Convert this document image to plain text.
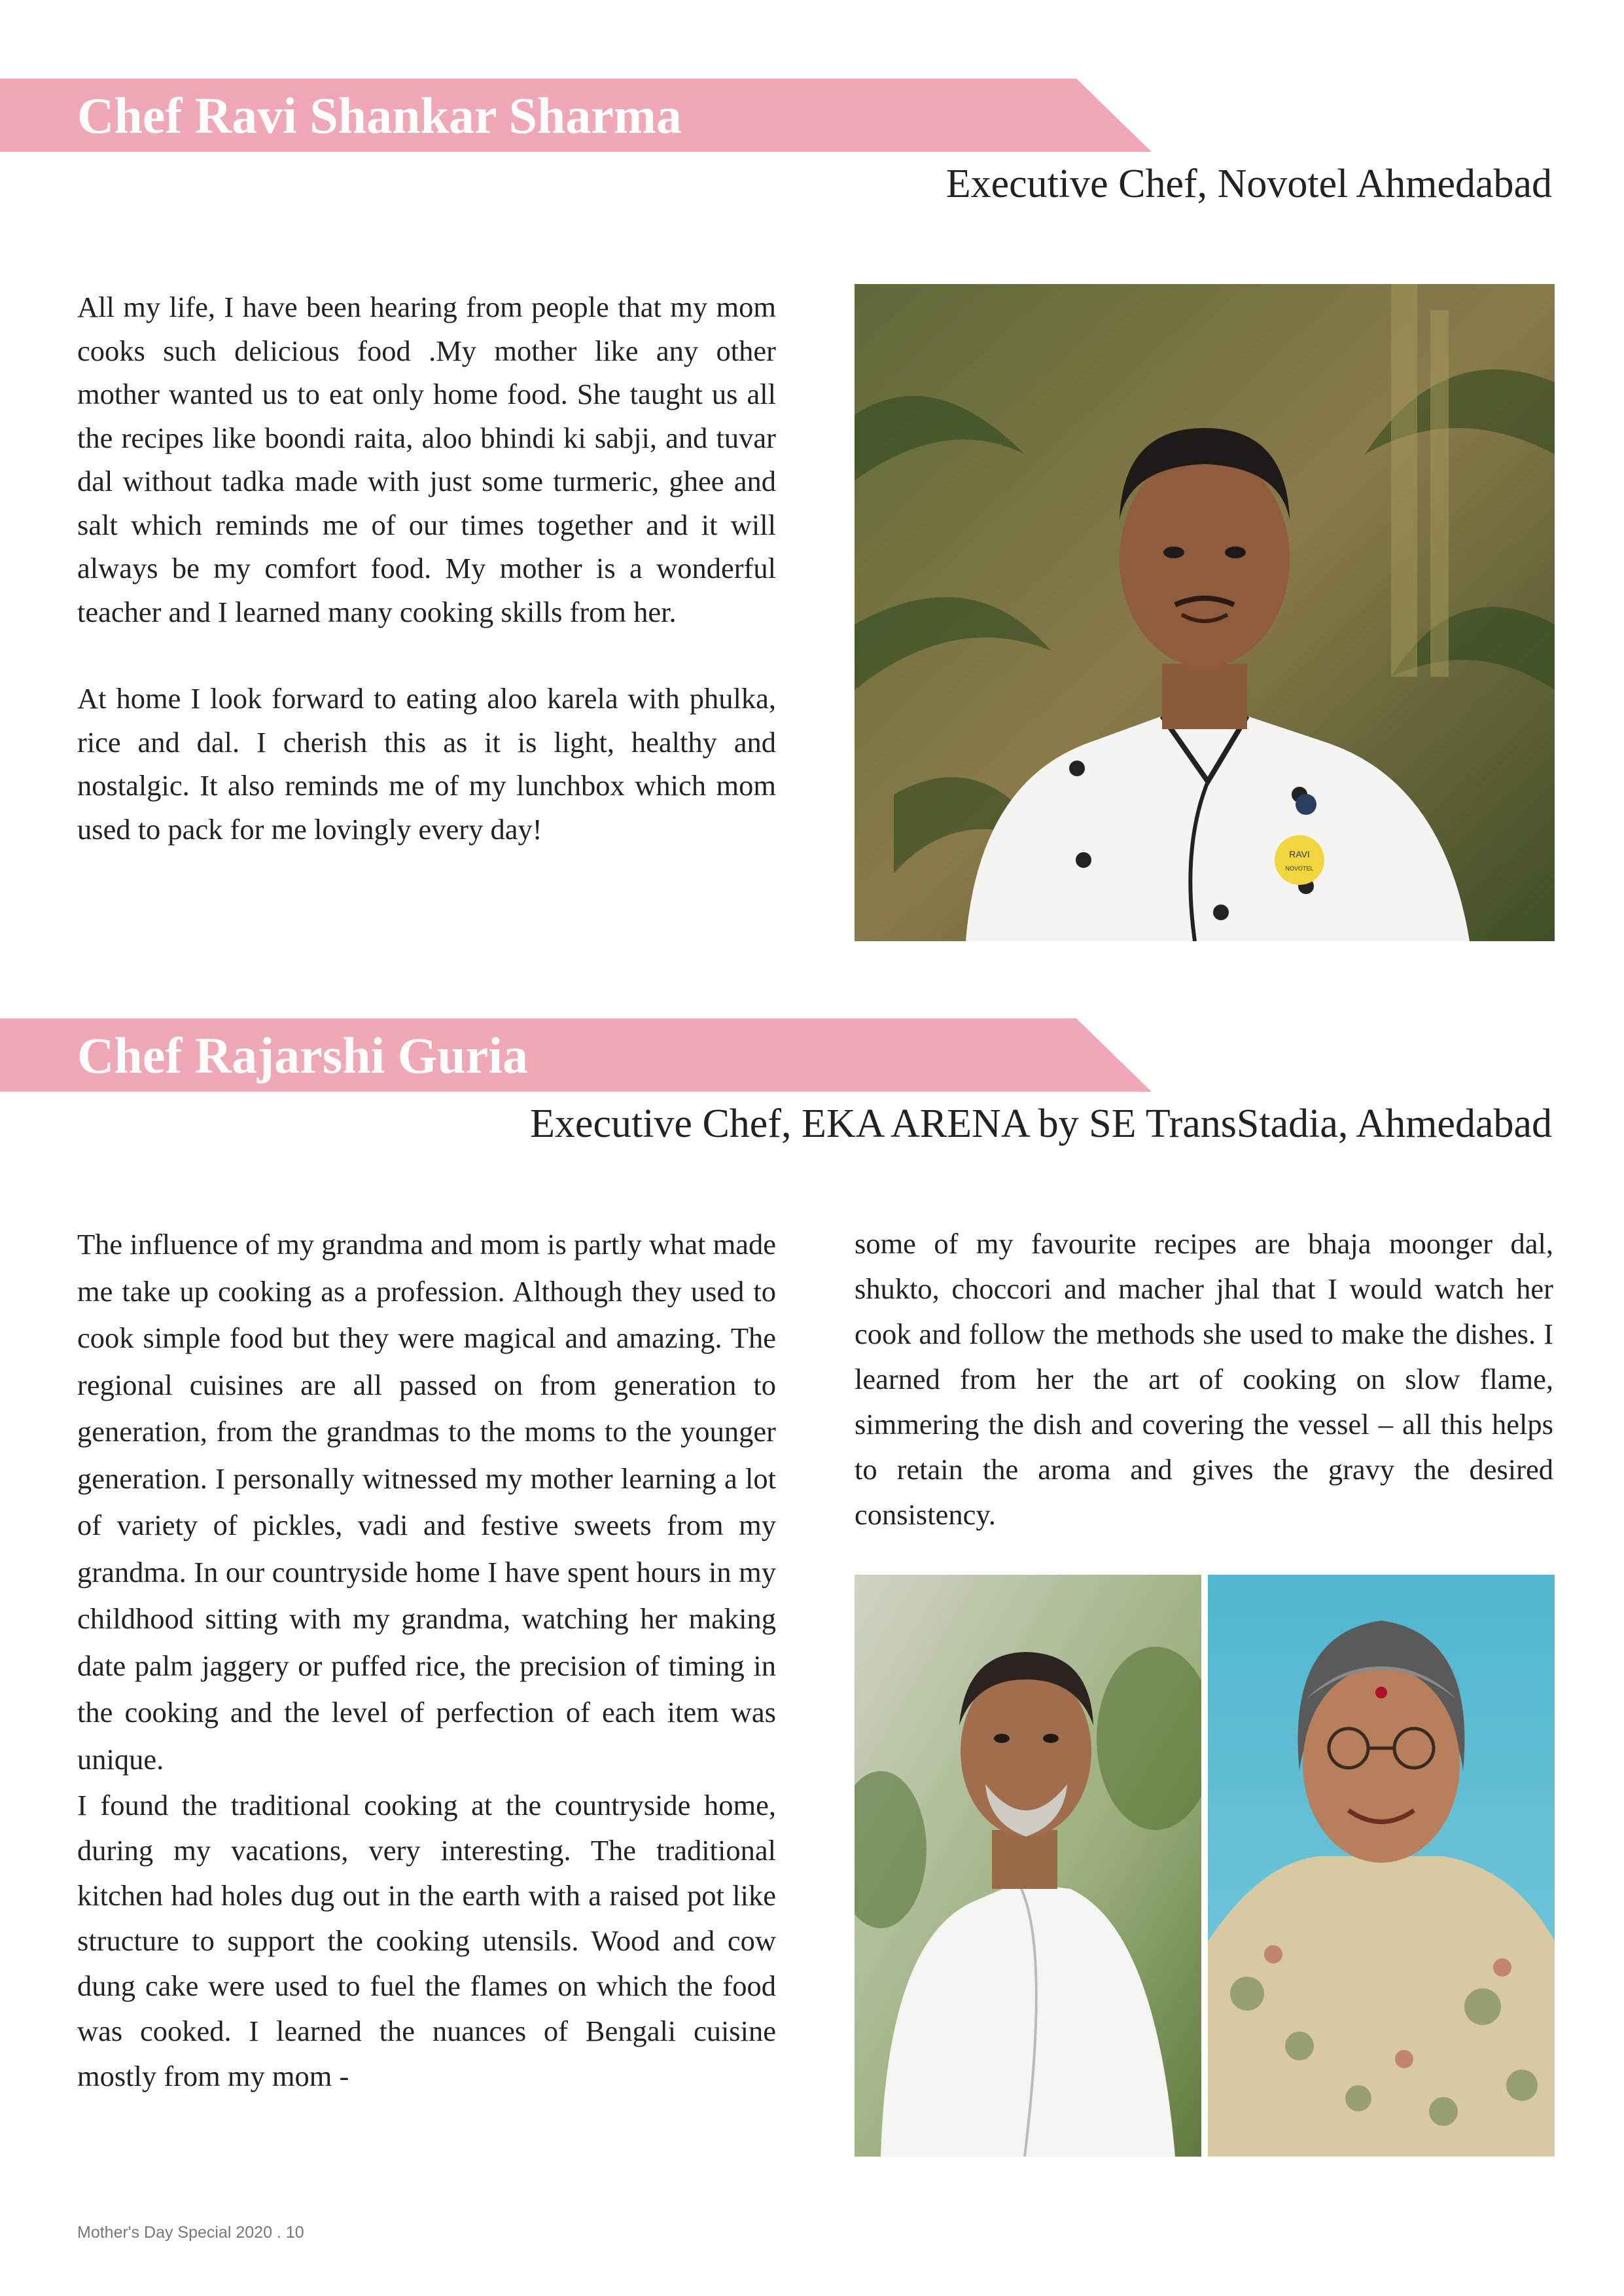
Chef Ravi Shankar Sharma
Executive Chef, Novotel Ahmedabad

All my life, I have been hearing from people that my mom cooks such delicious food .My mother like any other mother wanted us to eat only home food. She taught us all the recipes like boondi raita, aloo bhindi ki sabji, and tuvar dal without tadka made with just some turmeric, ghee and salt which reminds me of our times together and it will always be my comfort food. My mother is a wonderful teacher and I learned many cooking skills from her.

At home I look forward to eating aloo karela with phulka, rice and dal. I cherish this as it is light, healthy and nostalgic. It also reminds me of my lunchbox which mom used to pack for me lovingly every day!

RAVI
NOVOTEL
Chef Rajarshi Guria
Executive Chef, EKA ARENA by SE TransStadia, Ahmedabad

The influence of my grandma and mom is partly what made me take up cooking as a profession. Although they used to cook simple food but they were magical and amazing. The regional cuisines are all passed on from generation to generation, from the grandmas to the moms to the younger generation. I personally witnessed my mother learning a lot of variety of pickles, vadi and festive sweets from my grandma. In our countryside home I have spent hours in my childhood sitting with my grandma, watching her making date palm jaggery or puffed rice, the precision of timing in the cooking and the level of perfection of each item was unique.

I found the traditional cooking at the countryside home, during my vacations, very interesting. The traditional kitchen had holes dug out in the earth with a raised pot like structure to support the cooking utensils. Wood and cow dung cake were used to fuel the flames on which the food was cooked. I learned the nuances of Bengali cuisine mostly from my mom -

some of my favourite recipes are bhaja moonger dal, shukto, choccori and macher jhal that I would watch her cook and follow the methods she used to make the dishes. I learned from her the art of cooking on slow flame, simmering the dish and covering the vessel – all this helps to retain the aroma and gives the gravy the desired consistency.

Mother's Day Special 2020 . 10
